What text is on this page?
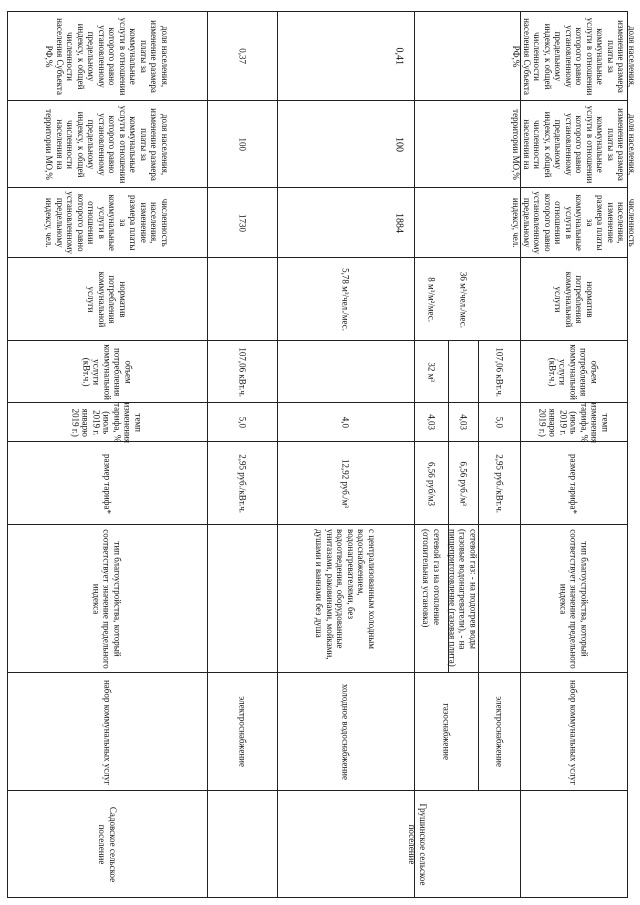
Садовское сельское поселение	Грушинское сельское поселение
набор коммунальных услуг
тип благоустройства, который соответствует значение предельного индекса
размер тарифа*
темп изменения тарифа, % (июль 2019 г. январю 2019 г.)
объем потребления коммунальной услуги (кВт.ч.)
норматив потребления коммунальной услуги
численность населения, изменение размера платы за коммунальные услуги в отношении которого равно установленному предельному индексу, чел.
доля населения, изменение размера платы за коммунальные услуги в отношении которого равно установленному предельному индексу, к общей численности населения на территории МО,%
доля населения, изменение размера платы за коммунальные услуги в отношении которого равно установленному предельному индексу, к общей численности населения Субъекта РФ,%
электроснабжение
2,95 руб./кВт.ч.
5,0
107,06 кВт.ч.
1730
100
0,37
набор коммунальных услуг
тип благоустройства, который соответствует значение предельного индекса
размер тарифа*
темп изменения тарифа, % (июль 2019 г. январю 2019 г.)
объем потребления коммунальной услуги (кВт.ч.)
норматив потребления коммунальной услуги
численность населения, изменение размера платы за коммунальные услуги в отношении которого равно установленному предельному индексу, чел.
доля населения, изменение размера платы за коммунальные услуги в отношении которого равно установленному предельному индексу, к общей численности населения на территории МО,%
доля населения, изменение размера платы за коммунальные услуги в отношении которого равно установленному предельному индексу, к общей численности населения Субъекта РФ,%
электроснабжение
2,95 руб./кВт.ч.
5,0
107,06 кВт.ч.
газоснабжение
сетевой газ: - на подогрев воды (газовые водонагреватели), - на пищеприготовление (газовая плита)
6,56 руб./м³
4,03
36 м³/чел./мес.
сетевой газ на отопление (отопительная установка)
6,56 руб/м3
4,03
32 м³
8 м³/м²/мес.
холодное водоснабжение
с централизованным холодным водоснабжением, водонагревателями, без водоотведения, оборудованные унитазами, раковинами, мойками, душами и ваннами без душа
12,92 руб./м³
4,0
5,78 м³/чел./мес.
1884
100
0,41
